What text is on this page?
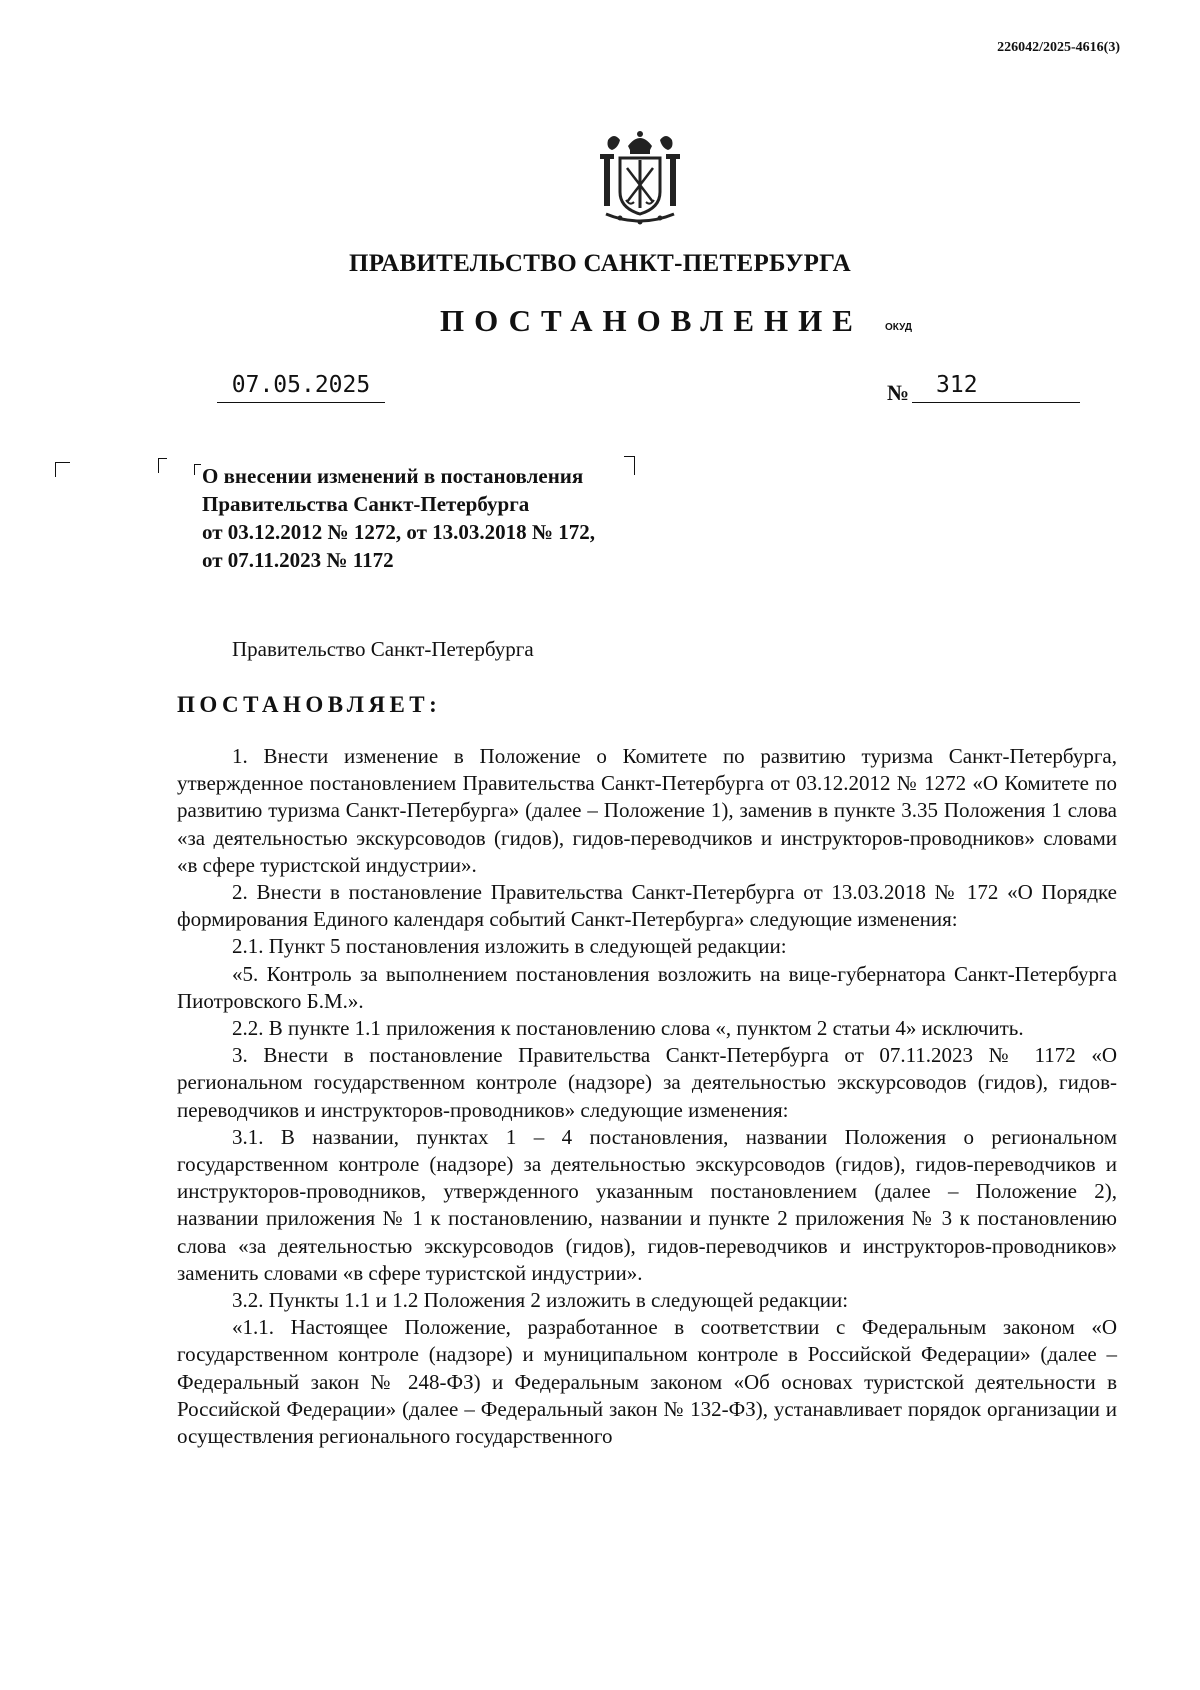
226042/2025-4616(3)
ПРАВИТЕЛЬСТВО САНКТ-ПЕТЕРБУРГА
ПОСТАНОВЛЕНИЕ ОКУД
07.05.2025	№	312
О внесении изменений в постановления
Правительства Санкт-Петербурга
от 03.12.2012 № 1272, от 13.03.2018 № 172,
от 07.11.2023 № 1172
Правительство Санкт-Петербурга
ПОСТАНОВЛЯЕТ:

1. Внести изменение в Положение о Комитете по развитию туризма Санкт-Петербурга, утвержденное постановлением Правительства Санкт-Петербурга от 03.12.2012 № 1272 «О Комитете по развитию туризма Санкт-Петербурга» (далее – Положение 1), заменив в пункте 3.35 Положения 1 слова «за деятельностью экскурсоводов (гидов), гидов-переводчиков и инструкторов-проводников» словами «в сфере туристской индустрии».

2. Внести в постановление Правительства Санкт-Петербурга от 13.03.2018 № 172 «О Порядке формирования Единого календаря событий Санкт-Петербурга» следующие изменения:

2.1. Пункт 5 постановления изложить в следующей редакции:

«5. Контроль за выполнением постановления возложить на вице-губернатора Санкт-Петербурга Пиотровского Б.М.».

2.2. В пункте 1.1 приложения к постановлению слова «, пунктом 2 статьи 4» исключить.

3. Внести в постановление Правительства Санкт-Петербурга от 07.11.2023 № 1172 «О региональном государственном контроле (надзоре) за деятельностью экскурсоводов (гидов), гидов-переводчиков и инструкторов-проводников» следующие изменения:

3.1. В названии, пунктах 1 – 4 постановления, названии Положения о региональном государственном контроле (надзоре) за деятельностью экскурсоводов (гидов), гидов-переводчиков и инструкторов-проводников, утвержденного указанным постановлением (далее – Положение 2), названии приложения № 1 к постановлению, названии и пункте 2 приложения № 3 к постановлению слова «за деятельностью экскурсоводов (гидов), гидов-переводчиков и инструкторов-проводников» заменить словами «в сфере туристской индустрии».

3.2. Пункты 1.1 и 1.2 Положения 2 изложить в следующей редакции:

«1.1. Настоящее Положение, разработанное в соответствии с Федеральным законом «О государственном контроле (надзоре) и муниципальном контроле в Российской Федерации» (далее – Федеральный закон № 248-ФЗ) и Федеральным законом «Об основах туристской деятельности в Российской Федерации» (далее – Федеральный закон № 132-ФЗ), устанавливает порядок организации и осуществления регионального государственного
